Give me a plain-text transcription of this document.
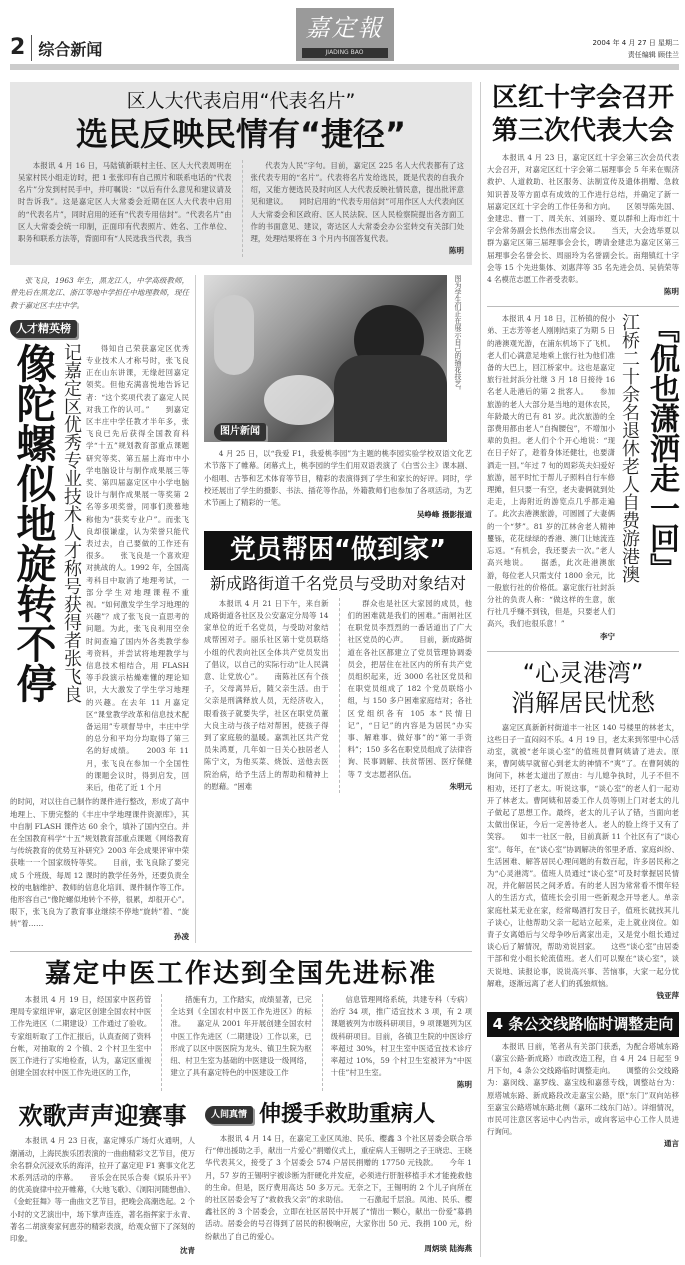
2 综合新闻
嘉定報
JIADING BAO
2004 年 4 月 27 日 星期二
责任编辑 顾佳兰
区人大代表启用“代表名片”
选民反映民情有“捷径”
本报讯 4 月 16 日，马陆镇新联村主任、区人大代表周明在吴家村民小组走访时，把 1 张张印有自己照片和联系电话的“代表名片”分发到村民手中，并叮嘱说：“以后有什么意见和建议请及时告诉我”。这是嘉定区人大常委会近期在区人大代表中启用的“代表名片”，同时启用的还有“代表专用信封”。“代表名片”由区人大常委会统一印制，正面印有代表照片、姓名、工作单位、职务和联系方法等，背面印有“人民选我当代表，我当
代表为人民”字句。目前，嘉定区 225 名人大代表都有了这张代表专用的“名片”。代表将名片发给选民，既是代表的自我介绍，又能方便选民及时向区人大代表反映社情民意，提出批评意见和建议。　　同时启用的“代表专用信封”可用作区人大代表向区人大常委会和区政府、区人民法院、区人民检察院提出各方面工作的书面意见、建议，寄达区人大常委会办公室转交有关部门处理，处理结果将在 3 个月内书面答复代表。
陈明
张飞良，1963 年生，黑龙江人，中学高级教师，曾先后在黑龙江、浙江等地中学担任中地理教师，现任教于嘉定区丰庄中学。
人才精英榜
像陀螺似地旋转不停 记嘉定区优秀专业技术人才称号获得者张飞良	得知自己荣获嘉定区优秀专业技术人才称号时，张飞良正在山东讲课，无缘赶回嘉定领奖。但他充满喜悦地告诉记者：“这个奖项代表了嘉定人民对我工作的认可。”　　到嘉定区丰庄中学任教才半年多，张飞良已先后获得全国教育科学“十五”规划教育部重点课题研究等奖、第五届上海市中小学电脑设计与制作成果展三等奖、第四届嘉定区中小学电脑设计与制作成果展一等奖第 2 名等多项奖誉，同事们羡慕地称他为“获奖专业户”。而张飞良却很谦虚，认为荣誉只能代表过去，自己要做的工作还有很多。　　张飞良是一个喜欢迎对挑战的人。1992 年，全国高考科目中取消了地理考试，一部分学生对地理课程不重视。“如何激发学生学习地理的兴趣”？成了张飞良一直思考的问题。为此，张飞良利用空余时间查遍了国内外各类教学参考资料，并尝试将地理教学与信息技术相结合，用 FLASH 等手段演示枯燥难懂的理论知识，大大激发了学生学习地理的兴趣。在去年 11 月嘉定区“课堂教学改革和信息技术配备运用”专项督导中，丰庄中学的总分和平均分均取得了第三名的好成绩。　　2003 年 11 月，张飞良在参加一个全国性的课题会议时，得到启发，回来后，他花了近 1 个月
的时间，对以往自己制作的课件进行整改，形成了高中地理上、下册完整的《丰庄中学地理课件资源库》，其中自制 FLASH 课件达 60 余个，填补了国内空白。并在全国教育科学“十五”规划教育部重点课题《网络教育与传统教育的优势互补研究》2003 年会成果评审中荣获唯一一个国家级特等奖。　　目前，张飞良除了要完成 5 个班级、每周 12 课时的教学任务外，还要负责全校的电脑维护、教师的信息化培训、课件制作等工作。他形容自己“像陀螺似地转个不停，很累，却很开心”。眼下，张飞良为了教育事业继续不停地“旋转”着、“旋转”着……
孙凌
图片新闻
图为学生们正在展示自己的插花技艺。
4 月 25 日，以“我爱 F1，我爱桃李园”为主题的桃李园实验学校双语文化艺术节落下了帷幕。闭幕式上，桃李园的学生们用双语表演了《白雪公主》课本剧、小组唱、古筝和艺术体育等节目，精彩的表演得到了学生和家长的好评。同时，学校还展出了学生的摄影、书法、插花等作品，外籍教师们也参加了各项活动，为艺术节画上了精彩的一笔。
吴峥峰 摄影报道
党员帮困“做到家”
新成路街道千名党员与受助对象结对
本报讯 4 月 21 日下午，来自新成路街道各社区及公安嘉定分局等 14 家单位的近千名党员，与受助对象结成帮困对子。丽乐社区第十党员联络小组的代表向社区全体共产党员发出了倡议，以自己的实际行动“让人民满意、让党放心”。　　南陈社区有个孩子，父母离异后，随父亲生活。由于父亲是刑满释放人员，无经济收入，眼看孩子就要失学，社区在职党员董大良主动与孩子结对帮困，使孩子得到了家庭般的温暖。嘉凯社区共产党员朱鸿夏，几年如一日关心独居老人陈宁文，为他买菜、烧饭、送他去医院治病，给予生活上的帮助和精神上的慰藉。“困难
群众也是社区大家园的成员，他们的困难就是我们的困难。”南闸社区在职党员李烈烈的一番话道出了广大社区党员的心声。　　目前，新成路街道在各社区都建立了党员管理协调委员会，把居住在社区内的所有共产党员组织起来，近 3000 名社区党员和在职党员组成了 182 个党员联络小组，与 150 多户困难家庭结对；各社区党组织各有 105 本“民情日记”，“日记”的内容是为居民“办实事、解难事、做好事”的“第一手资料”；150 多名在职党员组成了法律咨询、民事调解、扶贫帮困、医疗保健等 7 支志愿者队伍。
朱明元
嘉定中医工作达到全国先进标准
本报讯 4 月 19 日，经国家中医药管理局专家组评审，嘉定区创建全国农村中医工作先进区（二期建设）工作通过了验收。专家组听取了工作汇报后，认真查阅了资料台帐，对抽取的 2 个镇、2 个村卫生室中医工作进行了实地检查，认为，嘉定区重视创建全国农村中医工作先进区的工作，
措施有力，工作踏实，成绩显著，已完全达到《全国农村中医工作先进区》的标准。　　嘉定从 2001 年开展创建全国农村中医工作先进区（二期建设）工作以来，已形成了以区中医医院为龙头、镇卫生院为枢纽、村卫生室为基础的中医建设一级网络，建立了具有嘉定特色的中医建设工作
信息管理网络系统，共建专科（专病）治疗 34 项，推广适宜技术 3 项，有 2 项课题被列为市级科研项目，9 项课题列为区级科研项目。目前，各镇卫生院的中医诊疗率超过 30%，村卫生室中医适宜技术诊疗率超过 10%，59 个村卫生室被评为“中医十佳”村卫生室。
陈明
欢歌声声迎赛事
本报讯 4 月 23 日夜，嘉定博乐广场灯火通明，人潮涌动，上海民族乐团表演的一曲曲精彩文艺节目，使万余名群众沉浸欢乐的海洋，拉开了嘉定迎 F1 赛事文化艺术系列活动的序幕。　　音乐会在民乐合奏《娱乐升平》的优美旋律中拉开帷幕，《大地飞歌》、《浏阳河随想曲》、《金蛇狂舞》等一曲曲文艺节目，把晚会高潮迭起。2 个小时的文艺演出中，场下掌声连连，著名指挥家于永青、著名二胡演奏家何恵芬的精彩表演，给观众留下了深刻的印象。
沈青
人间真情 伸援手救助重病人
本报讯 4 月 14 日，在嘉定工业区凤池、民乐、樱鑫 3 个社区居委会联合举行“伸出援助之手，献出一片爱心”捐赠仪式上，重症病人王锡明之子王晓忠、王晓华代表其父，接受了 3 个居委会 574 户居民捐赠的 17750 元钱款。　　今年 1 月，57 岁的王锡明宇被诊断为肝硬化并发症，必须进行肝脏移植手术才能挽救他的生命。但是，医疗费用高达 50 多万元。无奈之下，王锡明的 2 个儿子向所在的社区居委会写了“救救我父亲”的求助信。　　一石激起千层浪。凤池、民乐、樱鑫社区的 3 个居委会，立即在社区居民中开展了“情出一颗心，献出一份爱”募捐活动。居委会的号召得到了居民的积极响应，大家你出 50 元、我捐 100 元，纷纷献出了自己的爱心。
周炳琰 陆海燕
区红十字会召开
第三次代表大会
本报讯 4 月 23 日，嘉定区红十字会第三次会员代表大会召开，对嘉定区红十字会第二届理事会 5 年来在赈济救护、人道救助、社区服务、法制宣传及遗体捐赠、急救知识普及等方面卓有成效的工作进行总结，并确定了新一届嘉定区红十字会的工作任务和方向。　　区领导陈先国、金建忠、曹一丁、周关东、刘丽玲、夏以群和上海市红十字会常务副会长热伟杰出席会议。　　当天，大会选举夏以群为嘉定区第三届理事会会长，聘请金建忠为嘉定区第三届理事会名誉会长、周丽玲为名誉副会长。南翔镇红十字会等 15 个先进集体、刘惠萍等 35 名先进会员、吴俏荣等 4 名模范志愿工作者受表彰。
陈明
本报讯 4 月 18 日，江桥镇的倪小弟、王志芳等老人刚刚结束了为期 5 日的港澳观光游，在浦东机场下了飞机。老人们心满意足地乘上旅行社为他们准备的大巴上，回江桥家中。这也是嘉定旅行社封浜分社继 3 月 18 日接待 16 名老人赴港后的第 2 批客人。　　参加旅游的老人大部分是当地的退休农民，年龄最大的已有 81 岁。此次旅游的全部费用都由老人“自掏腰包”，不增加小辈的负担。老人们个个开心地说：“现在日子好了，趁着身体还健壮，也要潇洒走一回。”年过 7 旬的周彩英夫妇爱好旅游，屈平时忙于帮儿子照料自行车修理摊，但只要一有空，老夫妻俩就到处走走，上海附近的游览点几乎都走遍了。此次去港澳旅游，可圆圆了大妻俩的一个“梦”。81 岁的江林舍老人精神矍铄，花花绿绿的香港、澳门让她流连忘返。“有机会，我还要去一次。”老人高兴地说。　　据悉，此次赴港澳旅游，每位老人只需支付 1800 余元，比一般旅行社的价格低。嘉定旅行社封浜分社的负责人称：“做这样的生意，旅行社几乎赚不到钱，但是，只要老人们高兴，我们也很乐意！”
李宁
江桥二十余名退休老人自费游港澳 『侃也潇洒走一回』
“心灵港湾”
消解居民忧愁
嘉定区真新新村街道丰一社区 140 号楼里的林老太，这些日子一直闷闷不乐。4 月 19 日，老太来到邻里中心活动室，就被“老年谈心室”的值班员曹阿姨请了进去。原来，曹阿姨早就留心到老太的神情不“爽”了。在曹阿姨的询问下，林老太道出了原由：与儿媳争执时，儿子不但不相劝，还打了老太。听说这事，“谈心室”的老人们一起劝开了林老太。曹阿姨和居委工作人员等则上门对老太的儿子做起了思想工作。最终，老太的儿子认了错，当面向老太做出保证，今后一定善待老人。老人的脸上终于又有了笑容。　　如丰一社区一般，目前真新 11 个社区有了“谈心室”。每年，在“谈心室”协调解决的邻里矛盾、家庭纠纷、生活困难、解答居民心理问题的有数百起，许多居民称之为“心灵港湾”。值班人员通过“谈心室”可及时掌握居民情况，并化解居民之间矛盾。有的老人因为常常看不惯年轻人的生活方式，值班长会引用一些新观念开导老人。单亲家庭杜某无业在家，经常喝酒打发日子，值班长就找其儿子谈心，让他帮助父亲一起站立起来，走上就业岗位。如青子女离婚后与父母争吵后离家出走，又是党小组长通过谈心后了解情况，帮助劝说回家。　　这些“谈心室”由居委干部和党小组长轮流值班。老人们可以聚在“谈心室”，谈天说地、读报论事，说说高兴事、苦恼事，大家一起分忧解难，逐渐远离了老人们的孤独烦恼。
钱亚萍
4 条公交线路临时调整走向
本报讯 日前，笔者从有关部门获悉，为配合塔城东路（嘉宝公路-新成路）市政改造工程，自 4 月 24 日起至 9 月下旬，4 条公交线路临时调整走向。　　调整的公交线路为：嘉闵线、嘉罗线、嘉宝线和嘉慈专线，调整站台为：原塔城东路、新成路段改走嘉宝公路，原“东门”双向站移至嘉宝公路塔城东路北侧（嘉环二线东门站）。详细情况，市民可注意区客运中心内告示，或向客运中心工作人员进行询问。
通言
